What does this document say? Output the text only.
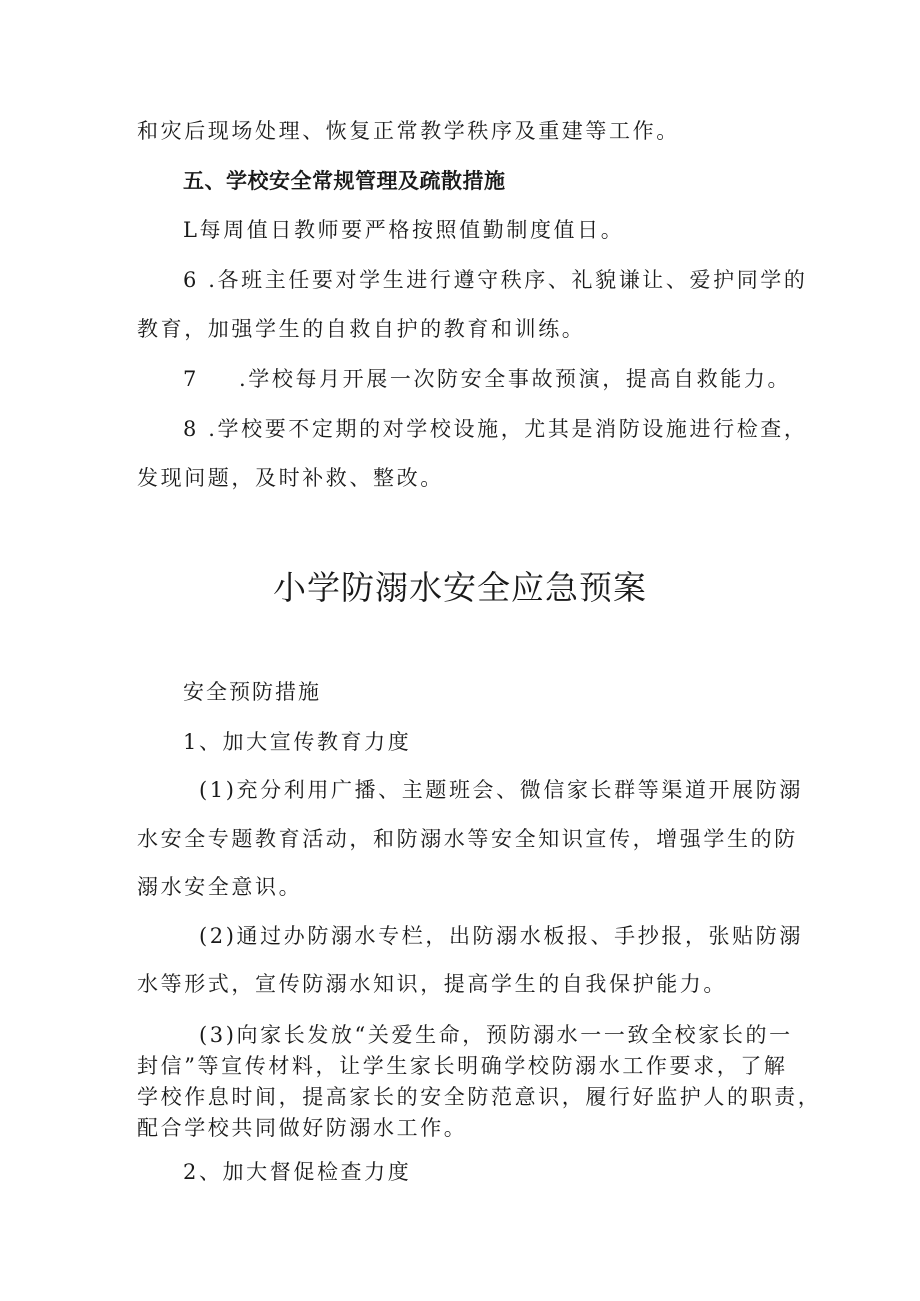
和灾后现场处理、恢复正常教学秩序及重建等工作。

五、学校安全常规管理及疏散措施

L每周值日教师要严格按照值勤制度值日。

6 .各班主任要对学生进行遵守秩序、礼貌谦让、爱护同学的

教育，加强学生的自救自护的教育和训练。

7 .学校每月开展一次防安全事故预演，提高自救能力。

8 .学校要不定期的对学校设施，尤其是消防设施进行检查，

发现问题，及时补救、整改。

小学防溺水安全应急预案

安全预防措施

1、加大宣传教育力度

(1)充分利用广播、主题班会、微信家长群等渠道开展防溺

水安全专题教育活动，和防溺水等安全知识宣传，增强学生的防

溺水安全意识。

(2)通过办防溺水专栏，出防溺水板报、手抄报，张贴防溺

水等形式，宣传防溺水知识，提高学生的自我保护能力。

(3)向家长发放“关爱生命，预防溺水一一致全校家长的一

封信”等宣传材料，让学生家长明确学校防溺水工作要求，了解

学校作息时间，提高家长的安全防范意识，履行好监护人的职责，

配合学校共同做好防溺水工作。

2、加大督促检查力度
